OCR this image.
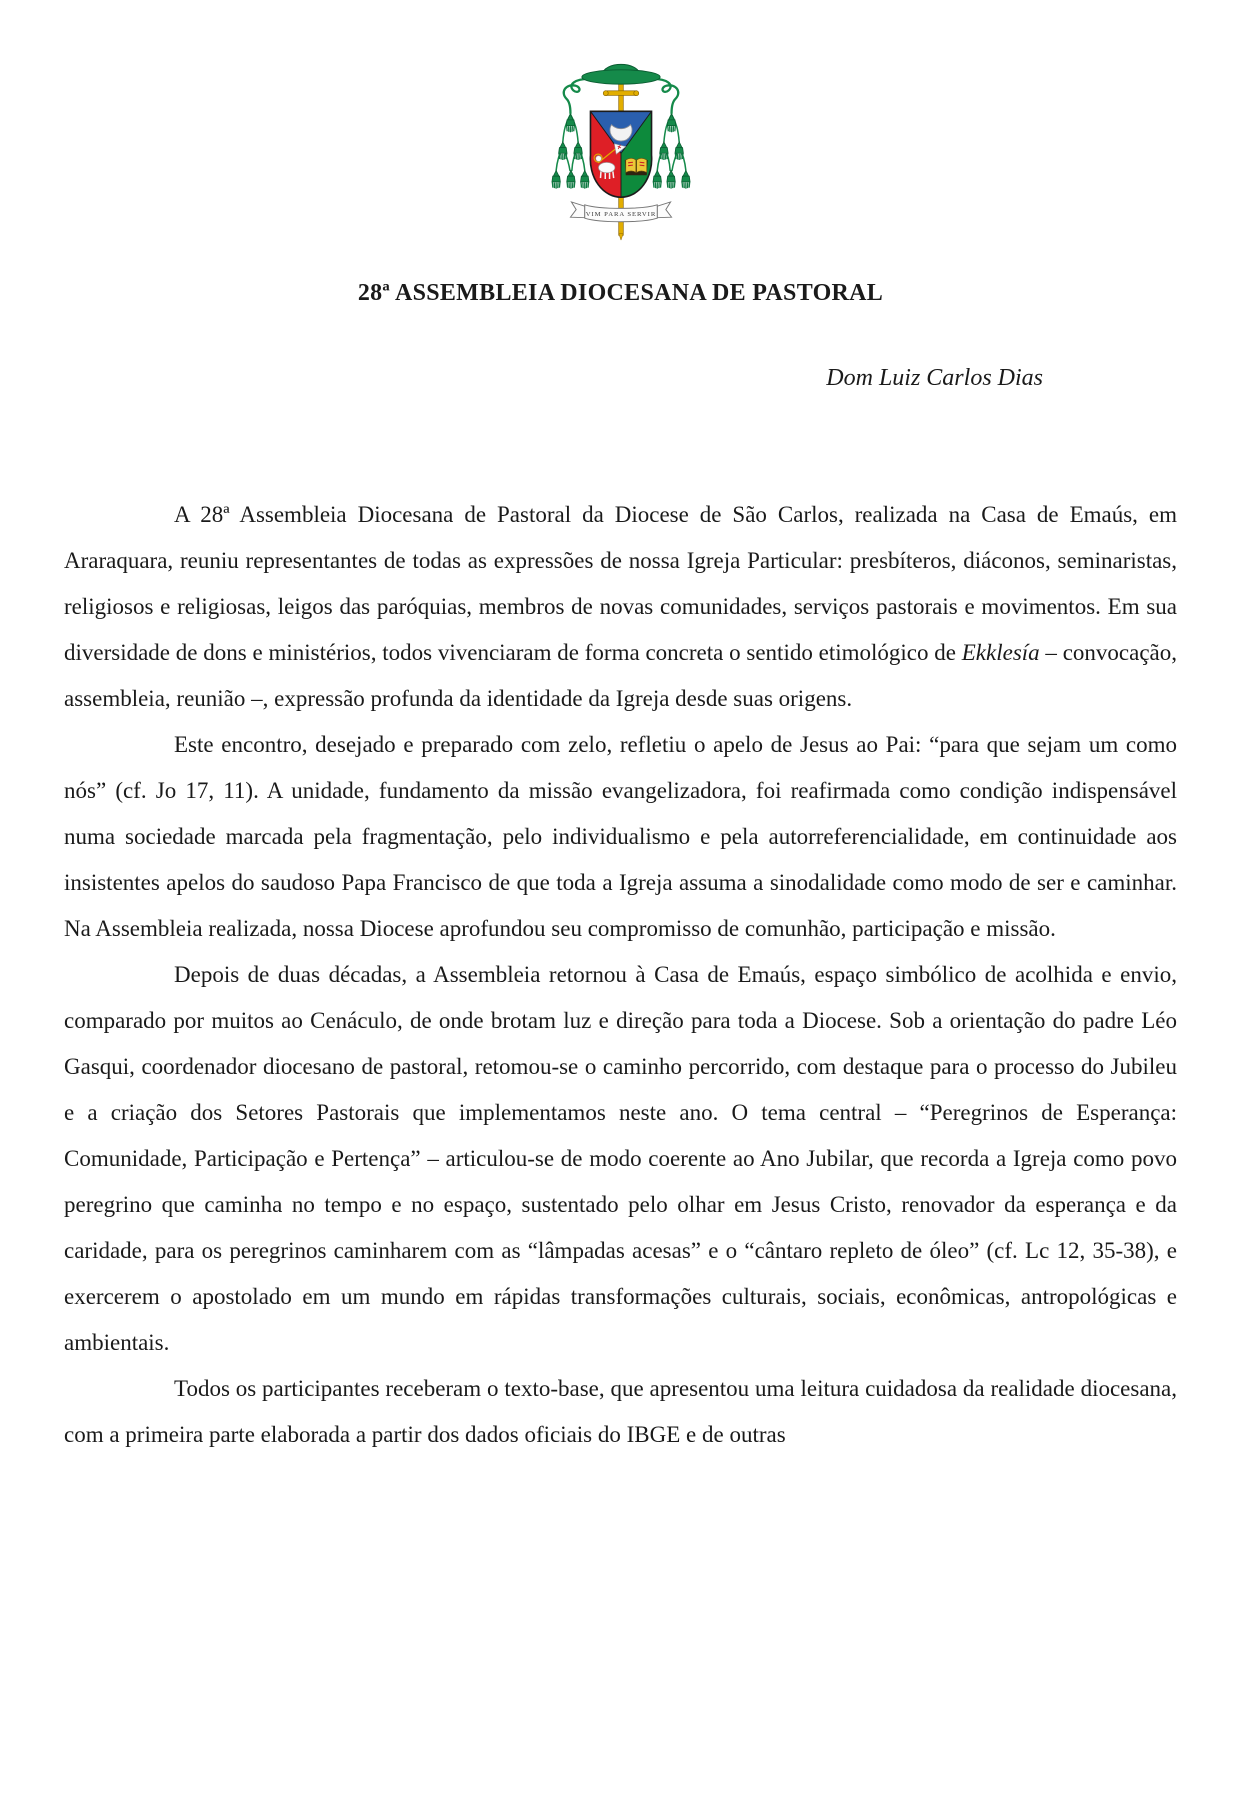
VIM PARA SERVIR
28ª ASSEMBLEIA DIOCESANA DE PASTORAL
Dom Luiz Carlos Dias

A 28ª Assembleia Diocesana de Pastoral da Diocese de São Carlos, realizada na Casa de Emaús, em Araraquara, reuniu representantes de todas as expressões de nossa Igreja Particular: presbíteros, diáconos, seminaristas, religiosos e religiosas, leigos das paróquias, membros de novas comunidades, serviços pastorais e movimentos. Em sua diversidade de dons e ministérios, todos vivenciaram de forma concreta o sentido etimológico de Ekklesía – convocação, assembleia, reunião –, expressão profunda da identidade da Igreja desde suas origens.

Este encontro, desejado e preparado com zelo, refletiu o apelo de Jesus ao Pai: “para que sejam um como nós” (cf. Jo 17, 11). A unidade, fundamento da missão evangelizadora, foi reafirmada como condição indispensável numa sociedade marcada pela fragmentação, pelo individualismo e pela autorreferencialidade, em continuidade aos insistentes apelos do saudoso Papa Francisco de que toda a Igreja assuma a sinodalidade como modo de ser e caminhar. Na Assembleia realizada, nossa Diocese aprofundou seu compromisso de comunhão, participação e missão.

Depois de duas décadas, a Assembleia retornou à Casa de Emaús, espaço simbólico de acolhida e envio, comparado por muitos ao Cenáculo, de onde brotam luz e direção para toda a Diocese. Sob a orientação do padre Léo Gasqui, coordenador diocesano de pastoral, retomou-se o caminho percorrido, com destaque para o processo do Jubileu e a criação dos Setores Pastorais que implementamos neste ano. O tema central – “Peregrinos de Esperança: Comunidade, Participação e Pertença” – articulou-se de modo coerente ao Ano Jubilar, que recorda a Igreja como povo peregrino que caminha no tempo e no espaço, sustentado pelo olhar em Jesus Cristo, renovador da esperança e da caridade, para os peregrinos caminharem com as “lâmpadas acesas” e o “cântaro repleto de óleo” (cf. Lc 12, 35-38), e exercerem o apostolado em um mundo em rápidas transformações culturais, sociais, econômicas, antropológicas e ambientais.

Todos os participantes receberam o texto-base, que apresentou uma leitura cuidadosa da realidade diocesana, com a primeira parte elaborada a partir dos dados oficiais do IBGE e de outras
